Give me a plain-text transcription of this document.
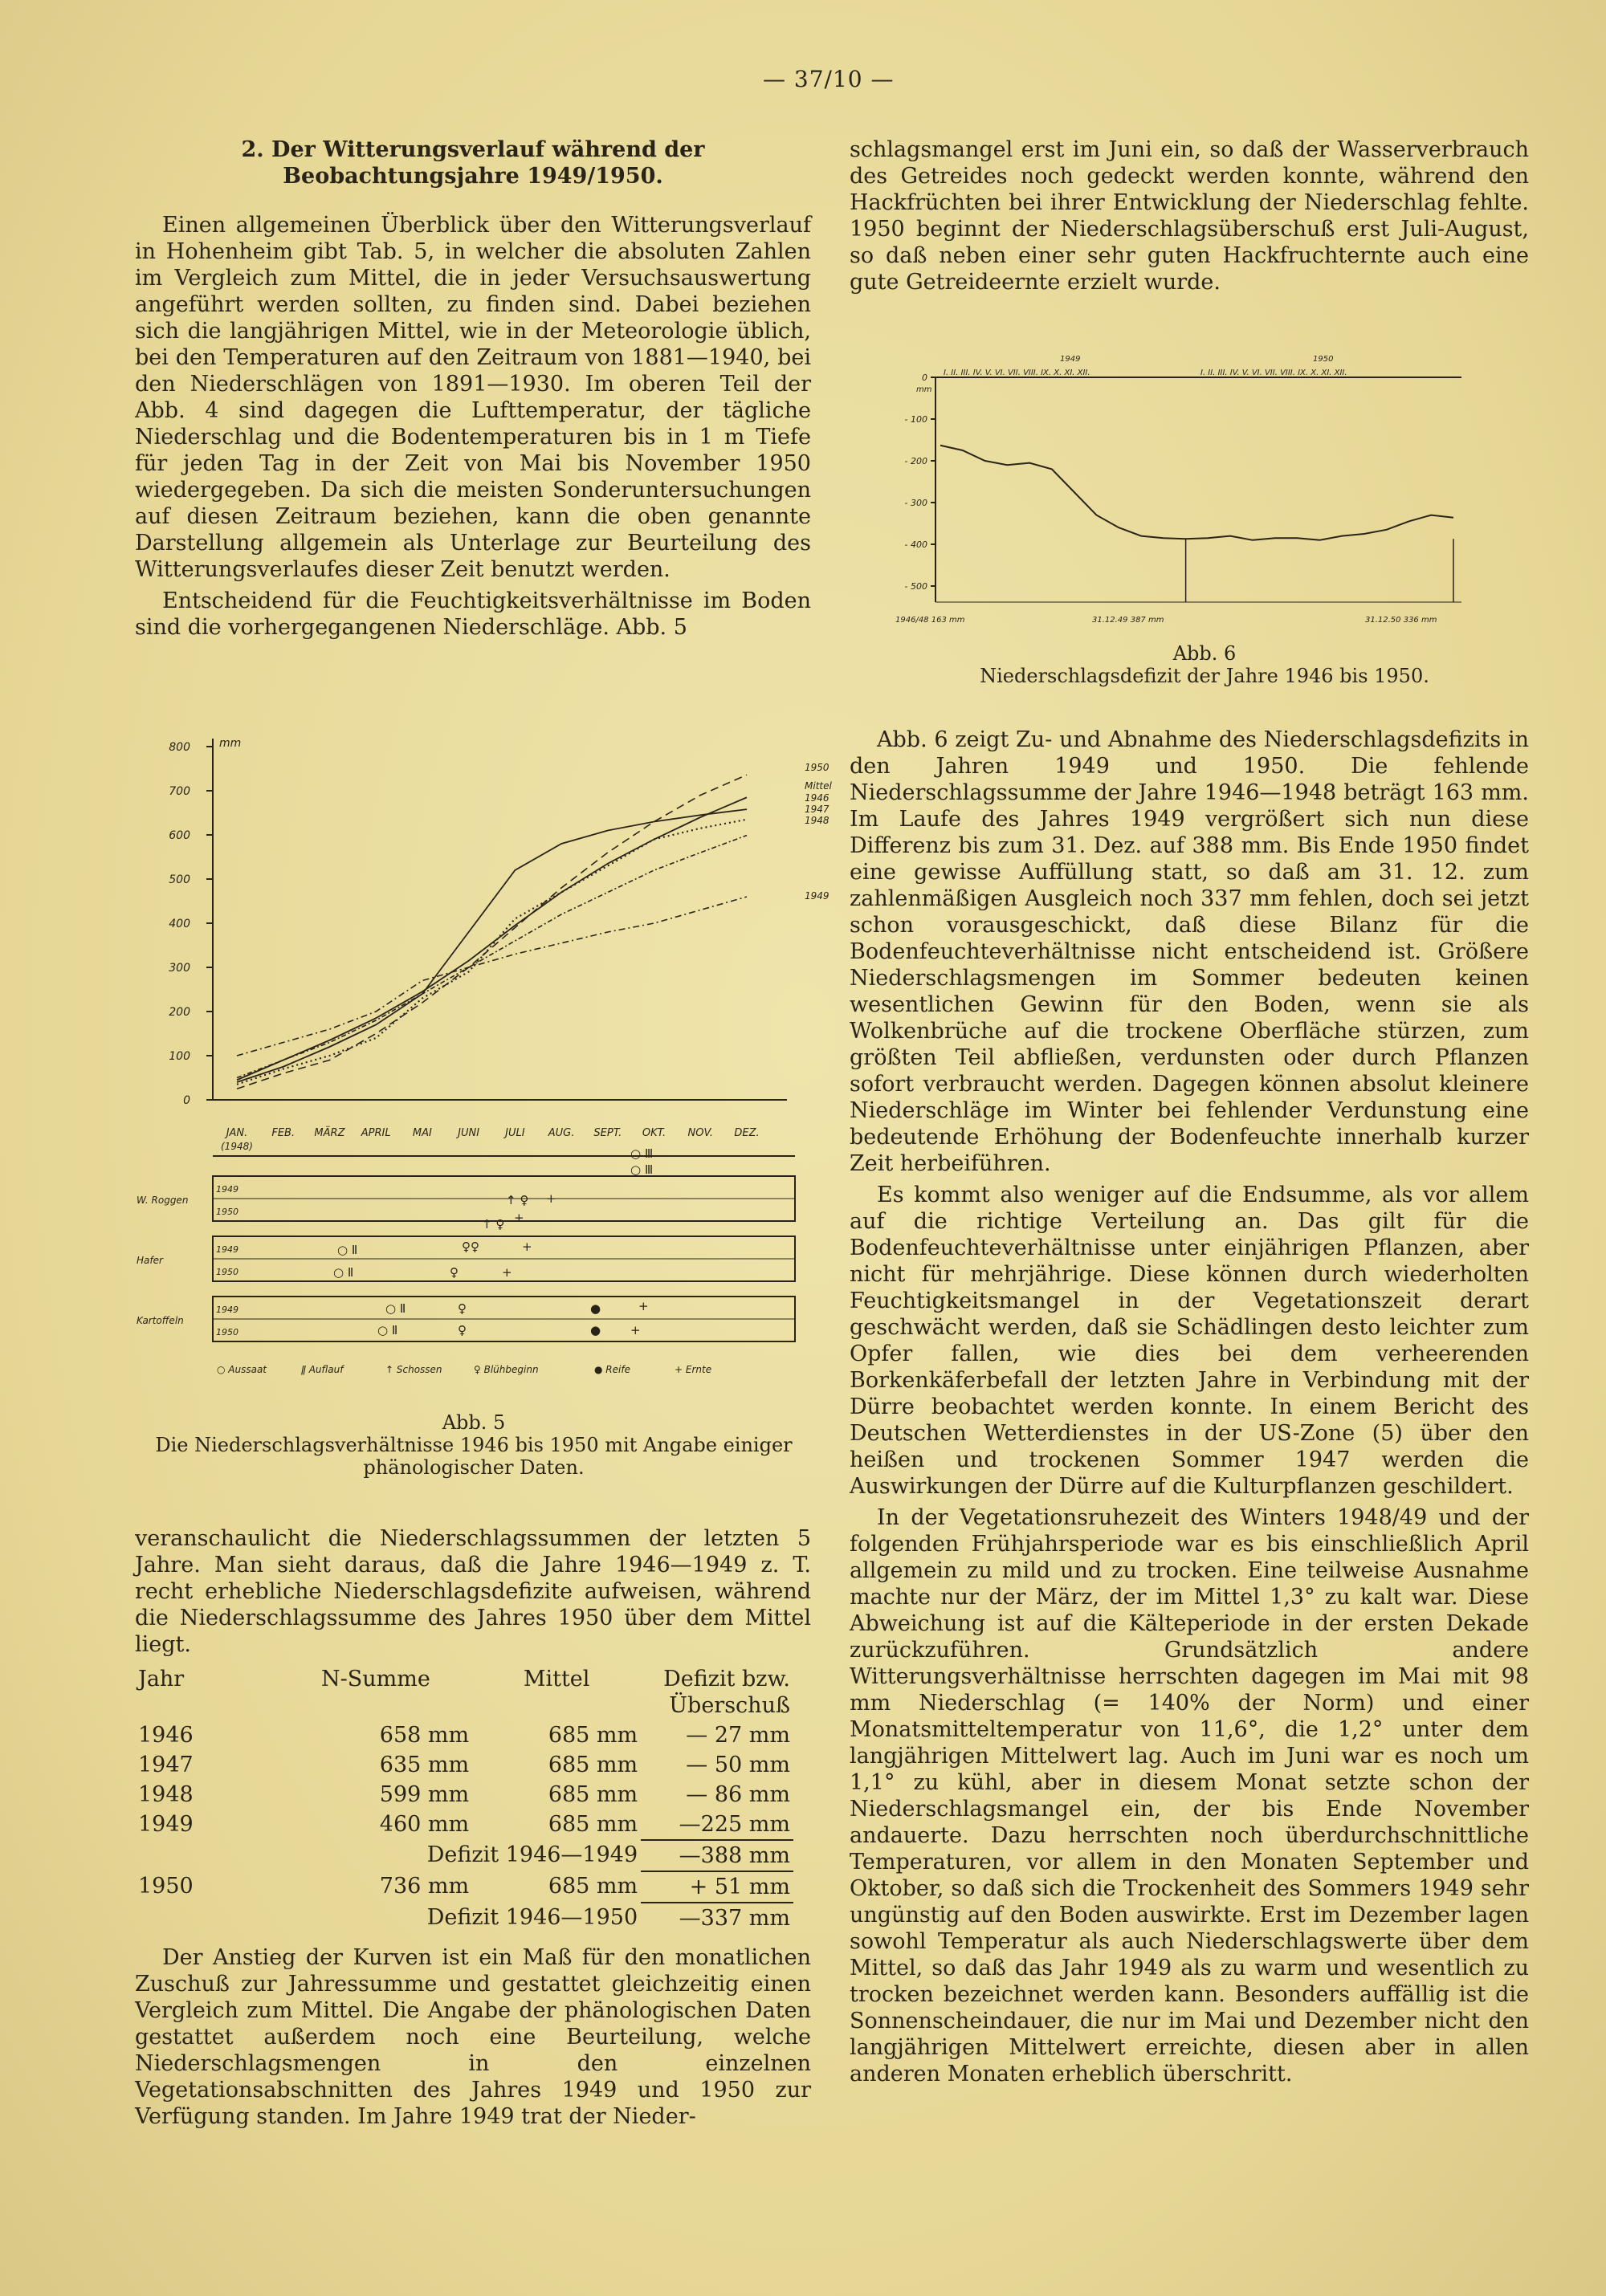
— 37/10 —
2. Der Witterungsverlauf während der Beobachtungsjahre 1949/1950.

Einen allgemeinen Überblick über den Witterungsverlauf in Hohenheim gibt Tab. 5, in welcher die absoluten Zahlen im Vergleich zum Mittel, die in jeder Versuchsauswertung angeführt werden sollten, zu finden sind. Dabei beziehen sich die langjährigen Mittel, wie in der Meteorologie üblich, bei den Temperaturen auf den Zeitraum von 1881—1940, bei den Niederschlägen von 1891—1930. Im oberen Teil der Abb. 4 sind dagegen die Lufttemperatur, der tägliche Niederschlag und die Bodentemperaturen bis in 1 m Tiefe für jeden Tag in der Zeit von Mai bis November 1950 wiedergegeben. Da sich die meisten Sonderuntersuchungen auf diesen Zeitraum beziehen, kann die oben genannte Darstellung allgemein als Unterlage zur Beurteilung des Witterungsverlaufes dieser Zeit benutzt werden.

Entscheidend für die Feuchtigkeitsverhältnisse im Boden sind die vorhergegangenen Niederschläge. Abb. 5

0
100
200
300
400
500
600
700
800	mm
JAN. FEB. MÄRZ APRIL MAI JUNI JULI AUG. SEPT. OKT. NOV. DEZ.
1950
Mittel
1946
1947
1948
1949
(1948)
W. Roggen
1949
1950
Hafer
1949
1950
Kartoffeln
1949
1950
○ Ⅲ
○ Ⅲ
↑ ♀ +
↑ ♀ +
○ Ⅱ	♀♀	+
○ Ⅱ	♀	+
○ Ⅱ	♀	●	+
○ Ⅱ	♀	● +
○ Aussaat	ǁ Auflauf	↑ Schossen	♀ Blühbeginn	● Reife	+ Ernte
Abb. 5
Die Niederschlagsverhältnisse 1946 bis 1950 mit Angabe einiger phänologischer Daten.

veranschaulicht die Niederschlagssummen der letzten 5 Jahre. Man sieht daraus, daß die Jahre 1946—1949 z. T. recht erhebliche Niederschlagsdefizite aufweisen, während die Niederschlagssumme des Jahres 1950 über dem Mittel liegt.

Jahr	N-Summe	Mittel	Defizit bzw. Überschuß
1946	658 mm	685 mm	— 27 mm
1947	635 mm	685 mm	— 50 mm
1948	599 mm	685 mm	— 86 mm
1949	460 mm	685 mm	—225 mm
	Defizit 1946—1949		—388 mm
1950	736 mm	685 mm	+ 51 mm
	Defizit 1946—1950		—337 mm

Der Anstieg der Kurven ist ein Maß für den monatlichen Zuschuß zur Jahressumme und gestattet gleichzeitig einen Vergleich zum Mittel. Die Angabe der phänologischen Daten gestattet außerdem noch eine Beurteilung, welche Niederschlagsmengen in den einzelnen Vegetationsabschnitten des Jahres 1949 und 1950 zur Verfügung standen. Im Jahre 1949 trat der Nieder-

schlagsmangel erst im Juni ein, so daß der Wasserverbrauch des Getreides noch gedeckt werden konnte, während den Hackfrüchten bei ihrer Entwicklung der Niederschlag fehlte. 1950 beginnt der Niederschlagsüberschuß erst Juli-August, so daß neben einer sehr guten Hackfruchternte auch eine gute Getreideernte erzielt wurde.

0
- 100
- 200
- 300
- 400
- 500
mm
1949	1950
I. II. III. IV. V. VI. VII. VIII. IX. X. XI. XII.	I. II. III. IV. V. VI. VII. VIII. IX. X. XI. XII.
1946/48 163 mm	31.12.49 387 mm	31.12.50 336 mm
Abb. 6
Niederschlagsdefizit der Jahre 1946 bis 1950.

Abb. 6 zeigt Zu- und Abnahme des Niederschlagsdefizits in den Jahren 1949 und 1950. Die fehlende Niederschlagssumme der Jahre 1946—1948 beträgt 163 mm. Im Laufe des Jahres 1949 vergrößert sich nun diese Differenz bis zum 31. Dez. auf 388 mm. Bis Ende 1950 findet eine gewisse Auffüllung statt, so daß am 31. 12. zum zahlenmäßigen Ausgleich noch 337 mm fehlen, doch sei jetzt schon vorausgeschickt, daß diese Bilanz für die Bodenfeuchteverhältnisse nicht entscheidend ist. Größere Niederschlagsmengen im Sommer bedeuten keinen wesentlichen Gewinn für den Boden, wenn sie als Wolkenbrüche auf die trockene Oberfläche stürzen, zum größten Teil abfließen, verdunsten oder durch Pflanzen sofort verbraucht werden. Dagegen können absolut kleinere Niederschläge im Winter bei fehlender Verdunstung eine bedeutende Erhöhung der Bodenfeuchte innerhalb kurzer Zeit herbeiführen.

Es kommt also weniger auf die Endsumme, als vor allem auf die richtige Verteilung an. Das gilt für die Bodenfeuchteverhältnisse unter einjährigen Pflanzen, aber nicht für mehrjährige. Diese können durch wiederholten Feuchtigkeitsmangel in der Vegetationszeit derart geschwächt werden, daß sie Schädlingen desto leichter zum Opfer fallen, wie dies bei dem verheerenden Borkenkäferbefall der letzten Jahre in Verbindung mit der Dürre beobachtet werden konnte. In einem Bericht des Deutschen Wetterdienstes in der US-Zone (5) über den heißen und trockenen Sommer 1947 werden die Auswirkungen der Dürre auf die Kulturpflanzen geschildert.

In der Vegetationsruhezeit des Winters 1948/49 und der folgenden Frühjahrsperiode war es bis einschließlich April allgemein zu mild und zu trocken. Eine teilweise Ausnahme machte nur der März, der im Mittel 1,3° zu kalt war. Diese Abweichung ist auf die Kälteperiode in der ersten Dekade zurückzuführen. Grundsätzlich andere Witterungsverhältnisse herrschten dagegen im Mai mit 98 mm Niederschlag (= 140% der Norm) und einer Monatsmitteltemperatur von 11,6°, die 1,2° unter dem langjährigen Mittelwert lag. Auch im Juni war es noch um 1,1° zu kühl, aber in diesem Monat setzte schon der Niederschlagsmangel ein, der bis Ende November andauerte. Dazu herrschten noch überdurchschnittliche Temperaturen, vor allem in den Monaten September und Oktober, so daß sich die Trockenheit des Sommers 1949 sehr ungünstig auf den Boden auswirkte. Erst im Dezember lagen sowohl Temperatur als auch Niederschlagswerte über dem Mittel, so daß das Jahr 1949 als zu warm und wesentlich zu trocken bezeichnet werden kann. Besonders auffällig ist die Sonnenscheindauer, die nur im Mai und Dezember nicht den langjährigen Mittelwert erreichte, diesen aber in allen anderen Monaten erheblich überschritt.
